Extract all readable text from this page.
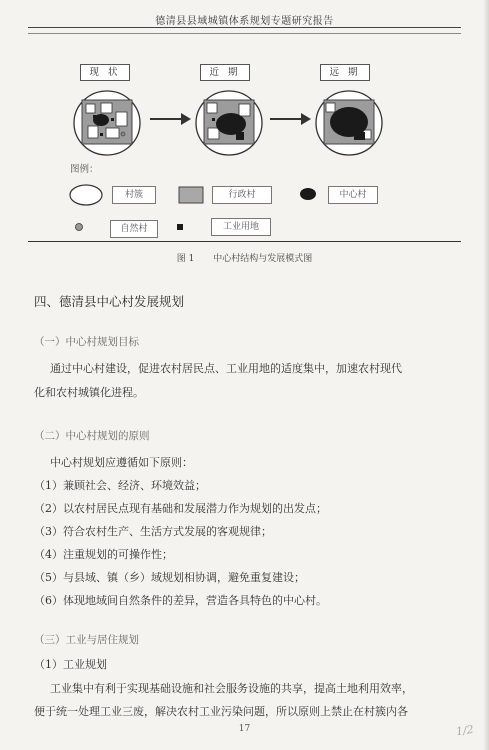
德清县县域城镇体系规划专题研究报告
现 状	近 期	远 期
图例：
村簇	行政村	中心村
自然村	工业用地
图 1 中心村结构与发展模式图
四、德清县中心村发展规划
（一）中心村规划目标
通过中心村建设，促进农村居民点、工业用地的适度集中，加速农村现代
化和农村城镇化进程。
（二）中心村规划的原则
中心村规划应遵循如下原则：
（1）兼顾社会、经济、环境效益；
（2）以农村居民点现有基础和发展潜力作为规划的出发点；
（3）符合农村生产、生活方式发展的客观规律；
（4）注重规划的可操作性；
（5）与县域、镇（乡）域规划相协调，避免重复建设；
（6）体现地域间自然条件的差异，营造各具特色的中心村。
（三）工业与居住规划
（1）工业规划
工业集中有利于实现基础设施和社会服务设施的共享，提高土地利用效率，
便于统一处理工业三废，解决农村工业污染问题，所以原则上禁止在村簇内各
17	1/2
